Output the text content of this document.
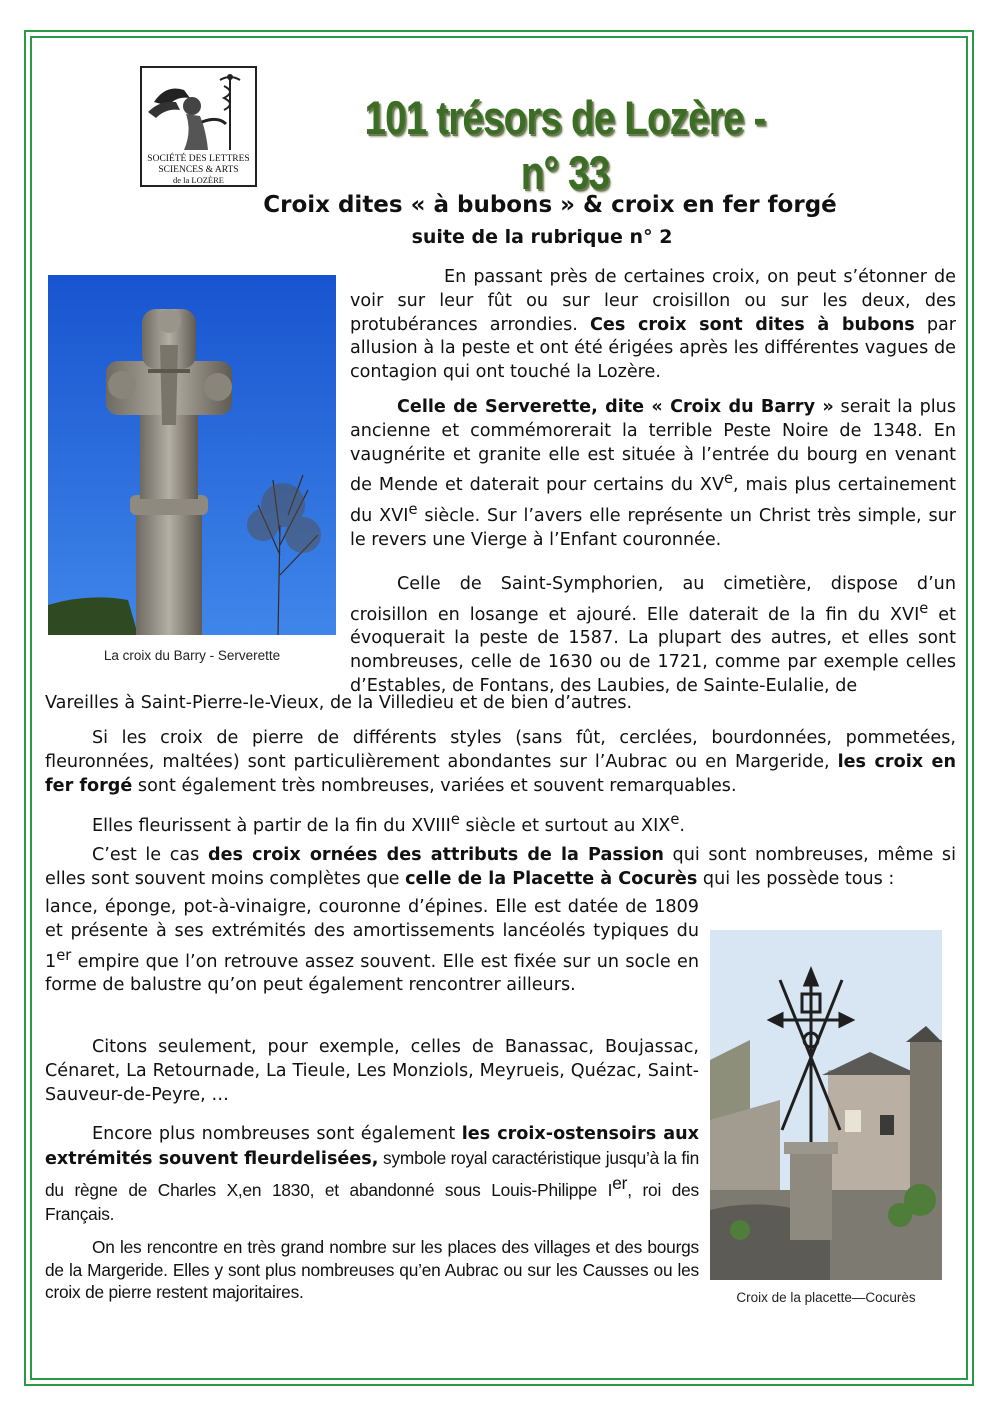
SOCIÉTÉ DES LETTRES
SCIENCES & ARTS
de la LOZÈRE
101 trésors de Lozère - n° 33
Croix dites « à bubons » & croix en fer forgé
suite de la rubrique n° 2
La croix du Barry - Serverette
Croix de la placette—Cocurès
En passant près de certaines croix, on peut s’étonner de voir sur leur fût ou sur leur croisillon ou sur les deux, des protubérances arrondies. Ces croix sont dites à bubons par allusion à la peste et ont été érigées après les différentes vagues de contagion qui ont touché la Lozère.
Celle de Serverette, dite « Croix du Barry » serait la plus ancienne et commémorerait la terrible Peste Noire de 1348. En vaugnérite et granite elle est située à l’entrée du bourg en venant de Mende et daterait pour certains du XVe, mais plus certainement du XVIe siècle. Sur l’avers elle représente un Christ très simple, sur le revers une Vierge à l’Enfant couronnée.
Celle de Saint-Symphorien, au cimetière, dispose d’un croisillon en losange et ajouré. Elle daterait de la fin du XVIe et évoquerait la peste de 1587. La plupart des autres, et elles sont nombreuses, celle de 1630 ou de 1721, comme par exemple celles d’Estables, de Fontans, des Laubies, de Sainte-Eulalie, de
Vareilles à Saint-Pierre-le-Vieux, de la Villedieu et de bien d’autres.
Si les croix de pierre de différents styles (sans fût, cerclées, bourdonnées, pommetées, fleuronnées, maltées) sont particulièrement abondantes sur l’Aubrac ou en Margeride, les croix en fer forgé sont également très nombreuses, variées et souvent remarquables.
Elles fleurissent à partir de la fin du XVIIIe siècle et surtout au XIXe.
C’est le cas des croix ornées des attributs de la Passion qui sont nombreuses, même si elles sont souvent moins complètes que celle de la Placette à Cocurès qui les possède tous :
lance, éponge, pot-à-vinaigre, couronne d’épines. Elle est datée de 1809 et présente à ses extrémités des amortissements lancéolés typiques du 1er empire que l’on retrouve assez souvent. Elle est fixée sur un socle en forme de balustre qu’on peut également rencontrer ailleurs.
Citons seulement, pour exemple, celles de Banassac, Boujassac, Cénaret, La Retournade, La Tieule, Les Monziols, Meyrueis, Quézac, Saint-Sauveur-de-Peyre, …
Encore plus nombreuses sont également les croix-ostensoirs aux extrémités souvent fleurdelisées, symbole royal caractéristique jusqu’à la fin du règne de Charles X,en 1830, et abandonné sous Louis-Philippe Ier, roi des Français.
On les rencontre en très grand nombre sur les places des villages et des bourgs de la Margeride. Elles y sont plus nombreuses qu’en Aubrac ou sur les Causses ou les croix de pierre restent majoritaires.
